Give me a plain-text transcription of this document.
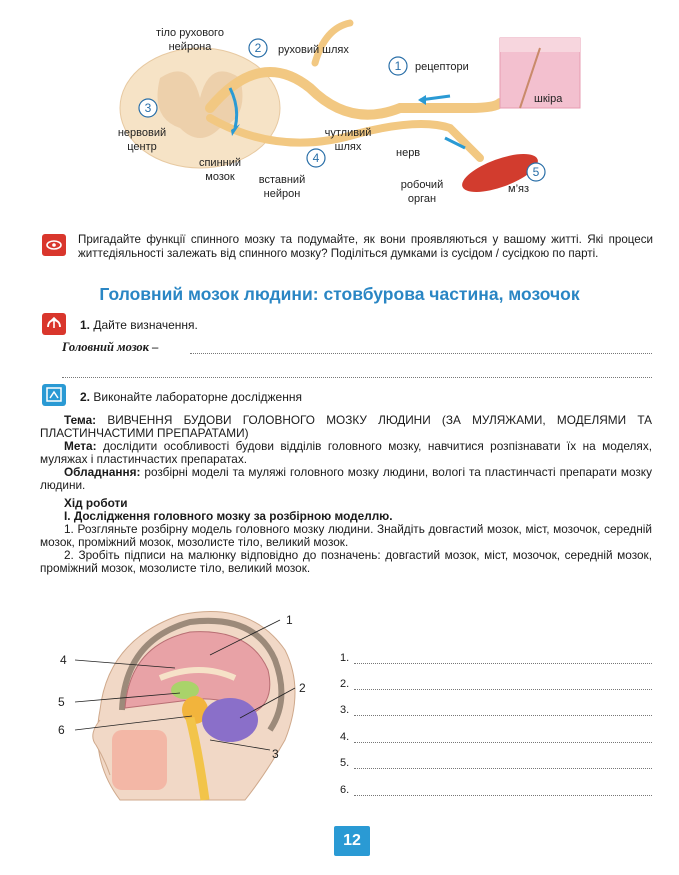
тіло рухового нейрона	руховий шлях
рецептори
шкіра
нервовий центр
спинний мозок	вставний нейрон
чутливий шлях	нерв
робочий орган
м’яз
1
2
3
4
5
Пригадайте функції спинного мозку та подумайте, як вони проявляються у вашому житті. Які процеси життєдіяльності залежать від спинного мозку? Поділіться думками із сусідом / сусідкою по парті.
Головний мозок людини: стовбурова частина, мозочок
1. Дайте визначення.
Головний мозок –
2. Виконайте лабораторне дослідження

Тема: ВИВЧЕННЯ БУДОВИ ГОЛОВНОГО МОЗКУ ЛЮДИНИ (ЗА МУЛЯЖАМИ, МОДЕЛЯМИ ТА ПЛАСТИНЧАСТИМИ ПРЕПАРАТАМИ)

Мета: дослідити особливості будови відділів головного мозку, навчитися розпізнавати їх на моделях, муляжах і пластинчастих препаратах.

Обладнання: розбірні моделі та муляжі головного мозку людини, вологі та пластинчасті препарати мозку людини.

Хід роботи

І. Дослідження головного мозку за розбірною моделлю.

1. Розгляньте розбірну модель головного мозку людини. Знайдіть довгастий мозок, міст, мозочок, середній мозок, проміжний мозок, мозолисте тіло, великий мозок.

2. Зробіть підписи на малюнку відповідно до позначень: довгастий мозок, міст, мозочок, середній мозок, проміжний мозок, мозолисте тіло, великий мозок.

1
2
3
4
5
6
1.
2.
3.
4.
5.
6.
12
